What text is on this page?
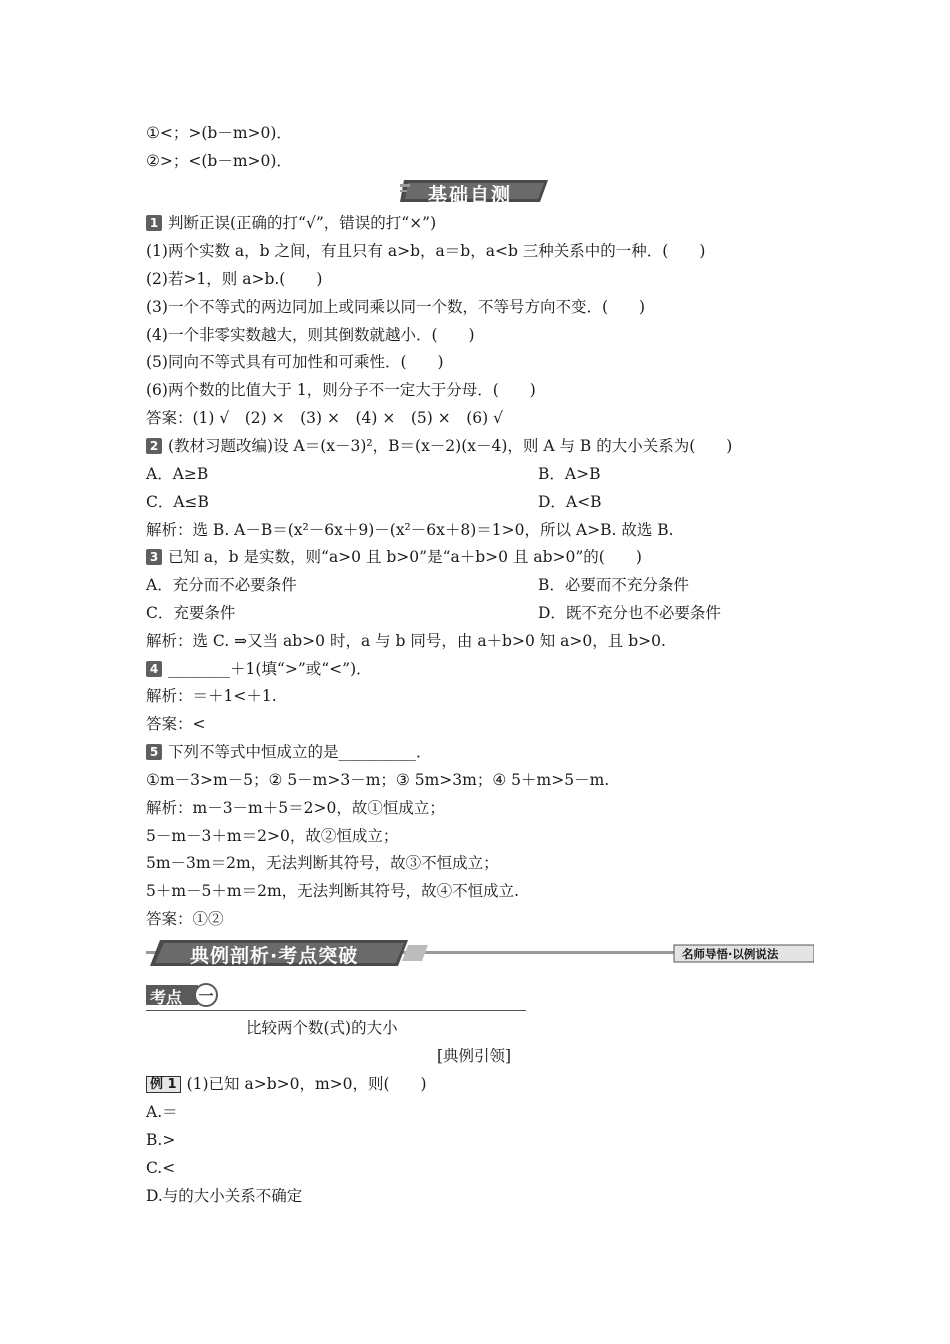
①<；>(b－m>0)．
②>；<(b－m>0)．
基础自测
1 判断正误(正确的打“√”，错误的打“×”)
(1)两个实数 a，b 之间，有且只有 a>b，a＝b，a<b 三种关系中的一种．(　　)
(2)若>1，则 a>b.(　　)
(3)一个不等式的两边同加上或同乘以同一个数，不等号方向不变．(　　)
(4)一个非零实数越大，则其倒数就越小．(　　)
(5)同向不等式具有可加性和可乘性．(　　)
(6)两个数的比值大于 1，则分子不一定大于分母．(　　)
答案：(1) √　(2) ×　(3) ×　(4) ×　(5) ×　(6) √
2 (教材习题改编)设 A＝(x－3)²，B＝(x－2)(x－4)，则 A 与 B 的大小关系为(　　)
A．A≥B	B．A>B
C．A≤B	D．A<B
解析：选 B. A－B＝(x²－6x＋9)－(x²－6x＋8)＝1>0，所以 A>B. 故选 B.
3 已知 a，b 是实数，则“a>0 且 b>0”是“a＋b>0 且 ab>0”的(　　)
A．充分而不必要条件	B．必要而不充分条件
C．充要条件	D．既不充分也不必要条件
解析：选 C. ⇒又当 ab>0 时，a 与 b 同号，由 a＋b>0 知 a>0，且 b>0.
4 ________＋1(填“>”或“<”)．
解析：＝＋1<＋1.
答案：<
5 下列不等式中恒成立的是__________．
①m－3>m－5；② 5－m>3－m；③ 5m>3m；④ 5＋m>5－m.
解析：m－3－m＋5＝2>0，故①恒成立；
5－m－3＋m＝2>0，故②恒成立；
5m－3m＝2m，无法判断其符号，故③不恒成立；
5＋m－5＋m＝2m，无法判断其符号，故④不恒成立.
答案：①②
典例剖析·考点突破	名师导悟·以例说法
考点 一
比较两个数(式)的大小
[典例引领]
例 1 (1)已知 a>b>0，m>0，则(　　)
A.＝
B.>
C.<
D.与的大小关系不确定
